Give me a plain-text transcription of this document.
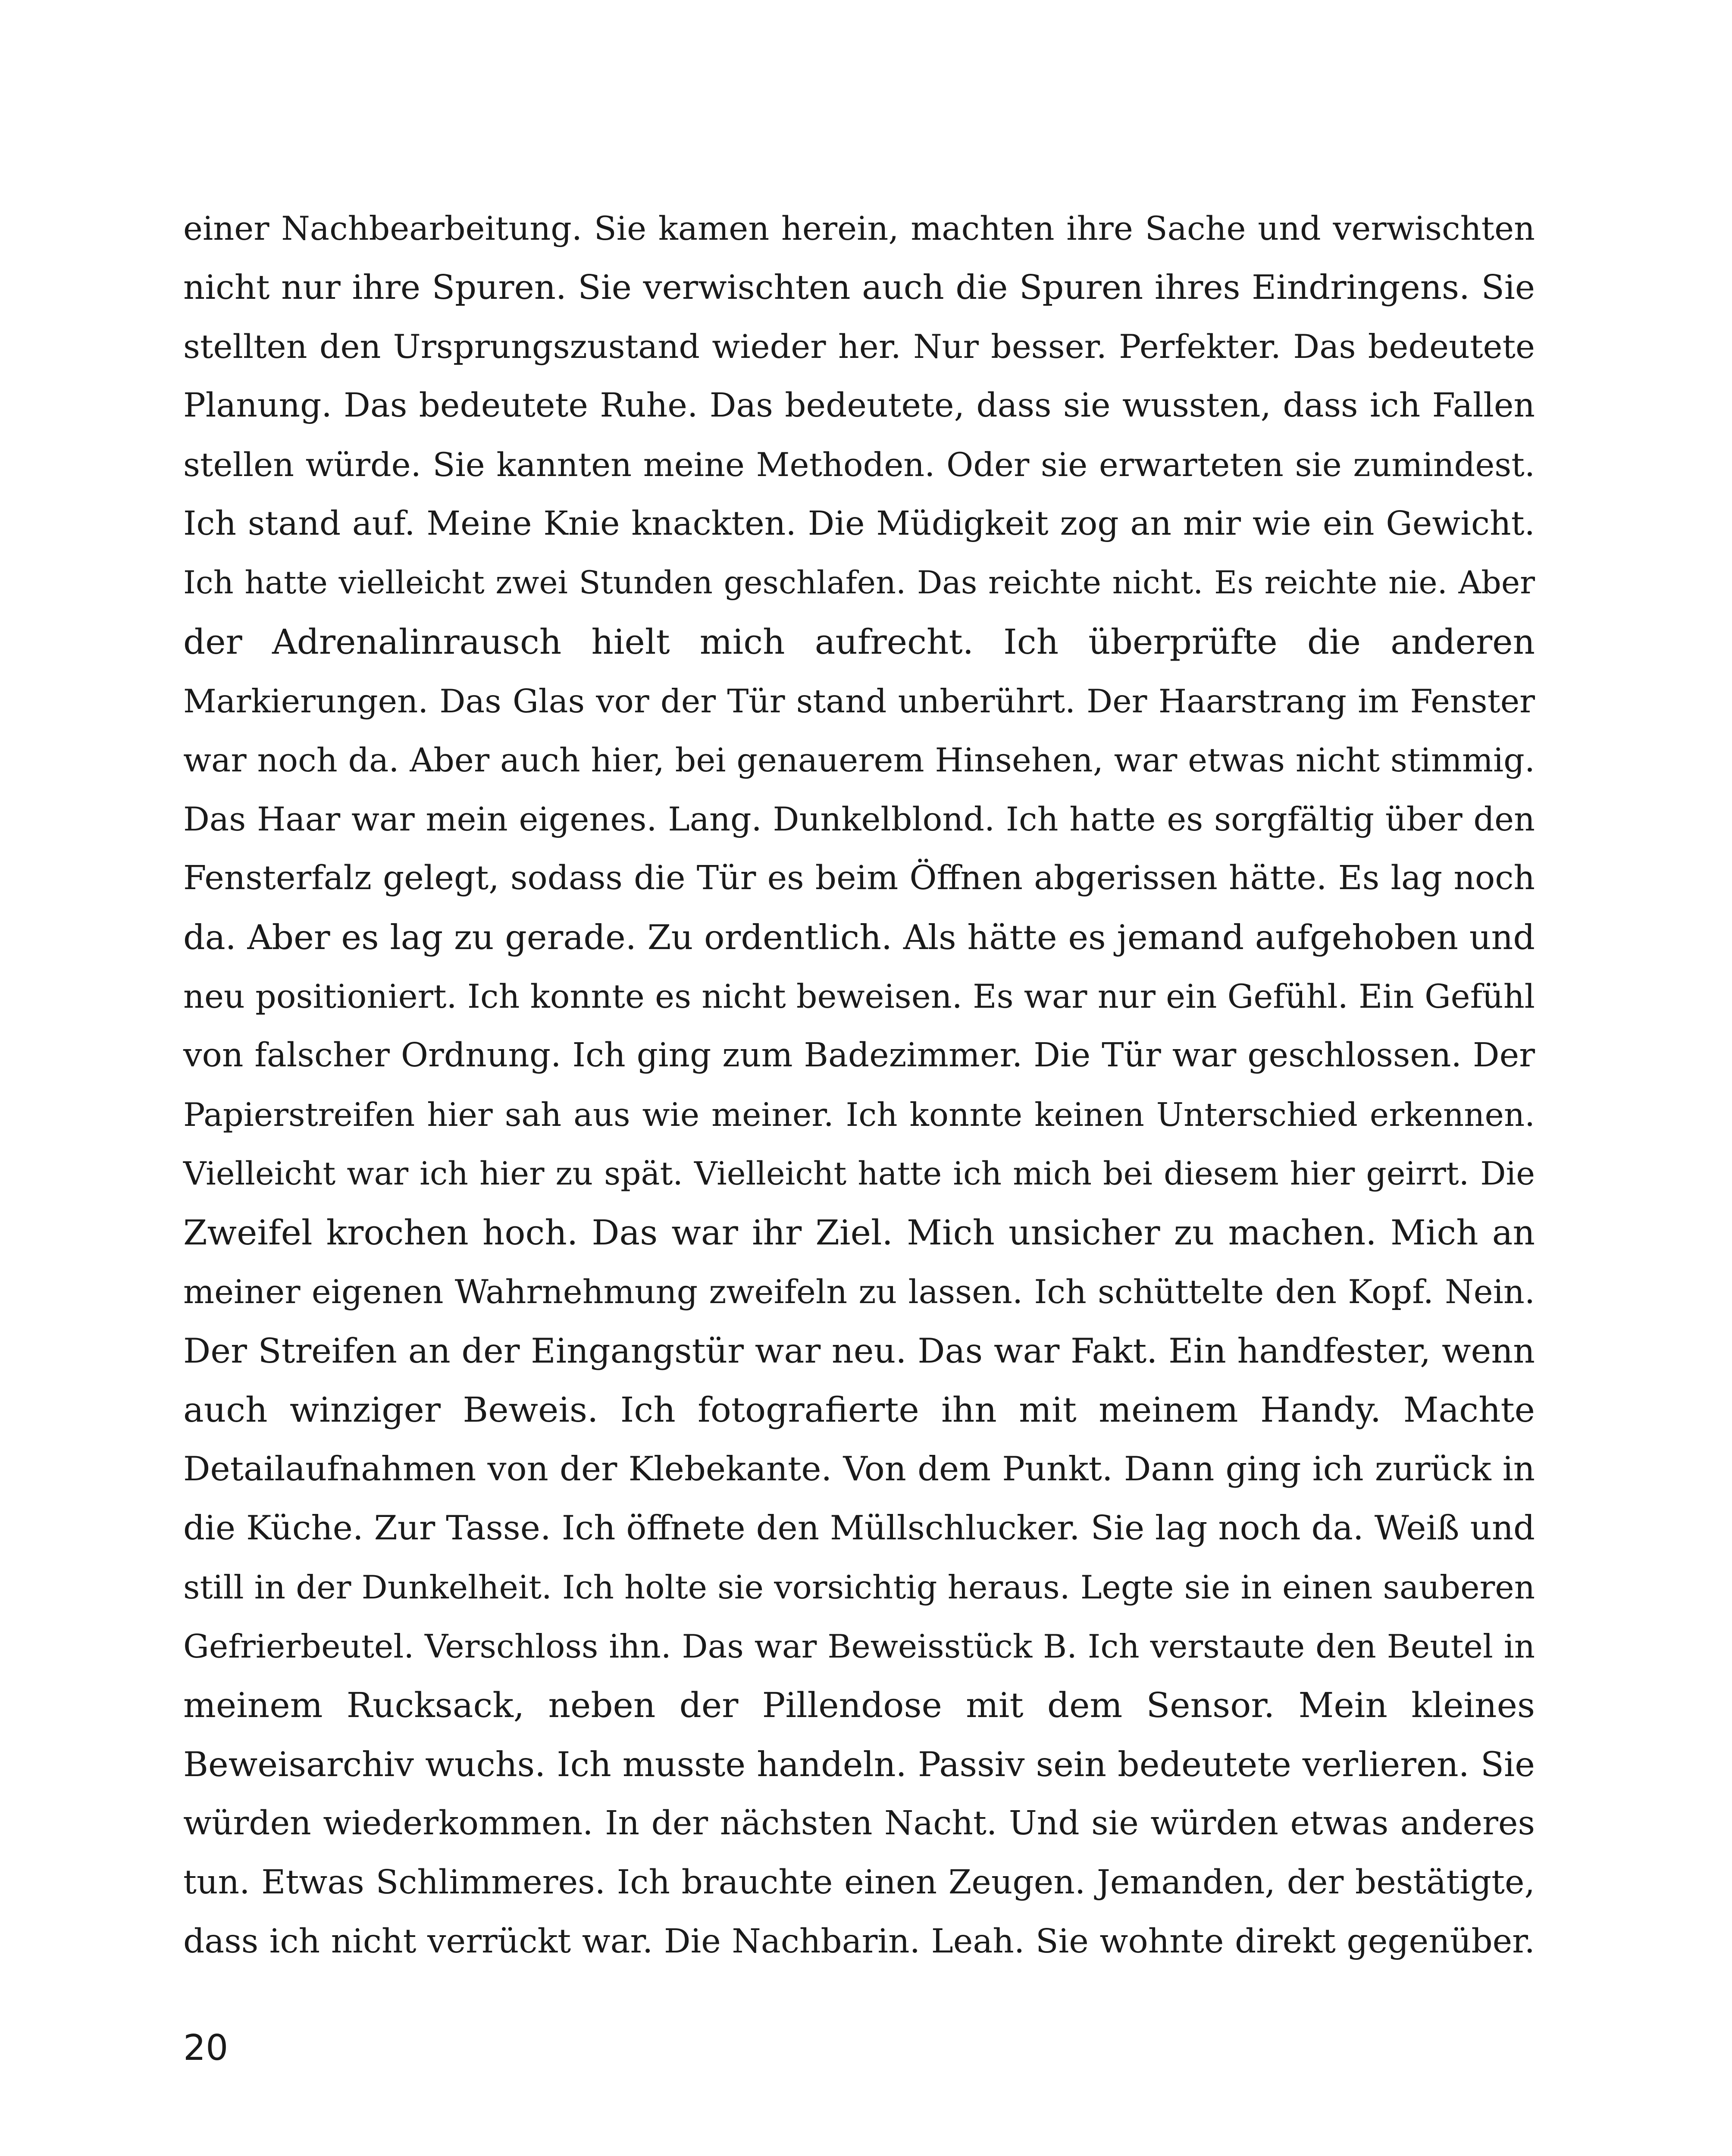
einer Nachbearbeitung. Sie kamen herein, machten ihre Sache und verwischten
nicht nur ihre Spuren. Sie verwischten auch die Spuren ihres Eindringens. Sie
stellten den Ursprungszustand wieder her. Nur besser. Perfekter. Das bedeutete
Planung. Das bedeutete Ruhe. Das bedeutete, dass sie wussten, dass ich Fallen
stellen würde. Sie kannten meine Methoden. Oder sie erwarteten sie zumindest.
Ich stand auf. Meine Knie knackten. Die Müdigkeit zog an mir wie ein Gewicht.
Ich hatte vielleicht zwei Stunden geschlafen. Das reichte nicht. Es reichte nie. Aber
der Adrenalinrausch hielt mich aufrecht. Ich überprüfte die anderen
Markierungen. Das Glas vor der Tür stand unberührt. Der Haarstrang im Fenster
war noch da. Aber auch hier, bei genauerem Hinsehen, war etwas nicht stimmig.
Das Haar war mein eigenes. Lang. Dunkelblond. Ich hatte es sorgfältig über den
Fensterfalz gelegt, sodass die Tür es beim Öffnen abgerissen hätte. Es lag noch
da. Aber es lag zu gerade. Zu ordentlich. Als hätte es jemand aufgehoben und
neu positioniert. Ich konnte es nicht beweisen. Es war nur ein Gefühl. Ein Gefühl
von falscher Ordnung. Ich ging zum Badezimmer. Die Tür war geschlossen. Der
Papierstreifen hier sah aus wie meiner. Ich konnte keinen Unterschied erkennen.
Vielleicht war ich hier zu spät. Vielleicht hatte ich mich bei diesem hier geirrt. Die
Zweifel krochen hoch. Das war ihr Ziel. Mich unsicher zu machen. Mich an
meiner eigenen Wahrnehmung zweifeln zu lassen. Ich schüttelte den Kopf. Nein.
Der Streifen an der Eingangstür war neu. Das war Fakt. Ein handfester, wenn
auch winziger Beweis. Ich fotografierte ihn mit meinem Handy. Machte
Detailaufnahmen von der Klebekante. Von dem Punkt. Dann ging ich zurück in
die Küche. Zur Tasse. Ich öffnete den Müllschlucker. Sie lag noch da. Weiß und
still in der Dunkelheit. Ich holte sie vorsichtig heraus. Legte sie in einen sauberen
Gefrierbeutel. Verschloss ihn. Das war Beweisstück B. Ich verstaute den Beutel in
meinem Rucksack, neben der Pillendose mit dem Sensor. Mein kleines
Beweisarchiv wuchs. Ich musste handeln. Passiv sein bedeutete verlieren. Sie
würden wiederkommen. In der nächsten Nacht. Und sie würden etwas anderes
tun. Etwas Schlimmeres. Ich brauchte einen Zeugen. Jemanden, der bestätigte,
dass ich nicht verrückt war. Die Nachbarin. Leah. Sie wohnte direkt gegenüber.
20
